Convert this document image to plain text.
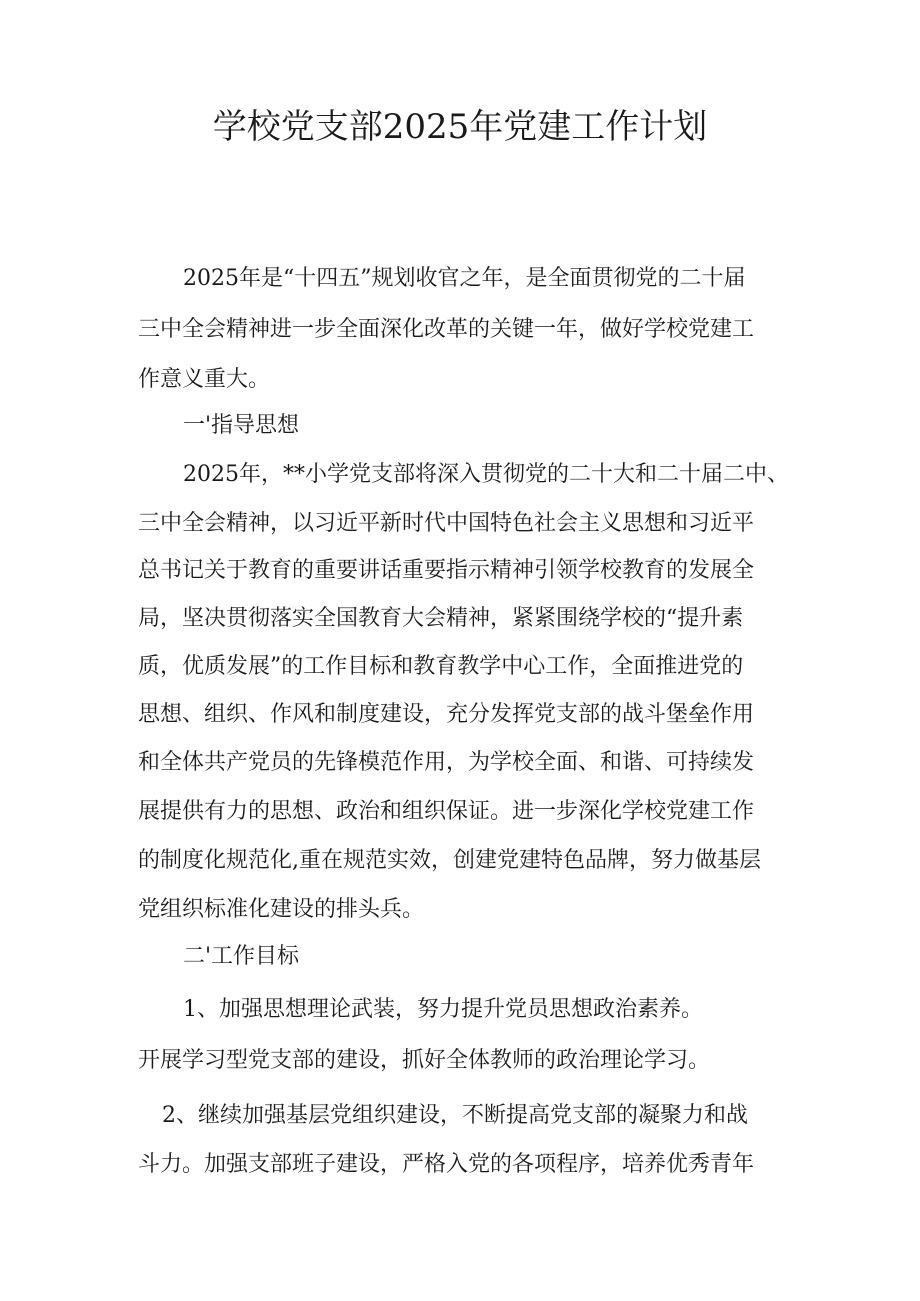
学校党支部2025年党建工作计划
2025年是“十四五”规划收官之年，是全面贯彻党的二十届
三中全会精神进一步全面深化改革的关键一年，做好学校党建工
作意义重大。
一'指导思想
2025年，**小学党支部将深入贯彻党的二十大和二十届二中、
三中全会精神，以习近平新时代中国特色社会主义思想和习近平
总书记关于教育的重要讲话重要指示精神引领学校教育的发展全
局，坚决贯彻落实全国教育大会精神，紧紧围绕学校的“提升素
质，优质发展”的工作目标和教育教学中心工作，全面推进党的
思想、组织、作风和制度建设，充分发挥党支部的战斗堡垒作用
和全体共产党员的先锋模范作用，为学校全面、和谐、可持续发
展提供有力的思想、政治和组织保证。进一步深化学校党建工作
的制度化规范化,重在规范实效，创建党建特色品牌，努力做基层
党组织标准化建设的排头兵。
二'工作目标
1、加强思想理论武装，努力提升党员思想政治素养。
开展学习型党支部的建设，抓好全体教师的政治理论学习。
2、继续加强基层党组织建设，不断提高党支部的凝聚力和战
斗力。加强支部班子建设，严格入党的各项程序，培养优秀青年
